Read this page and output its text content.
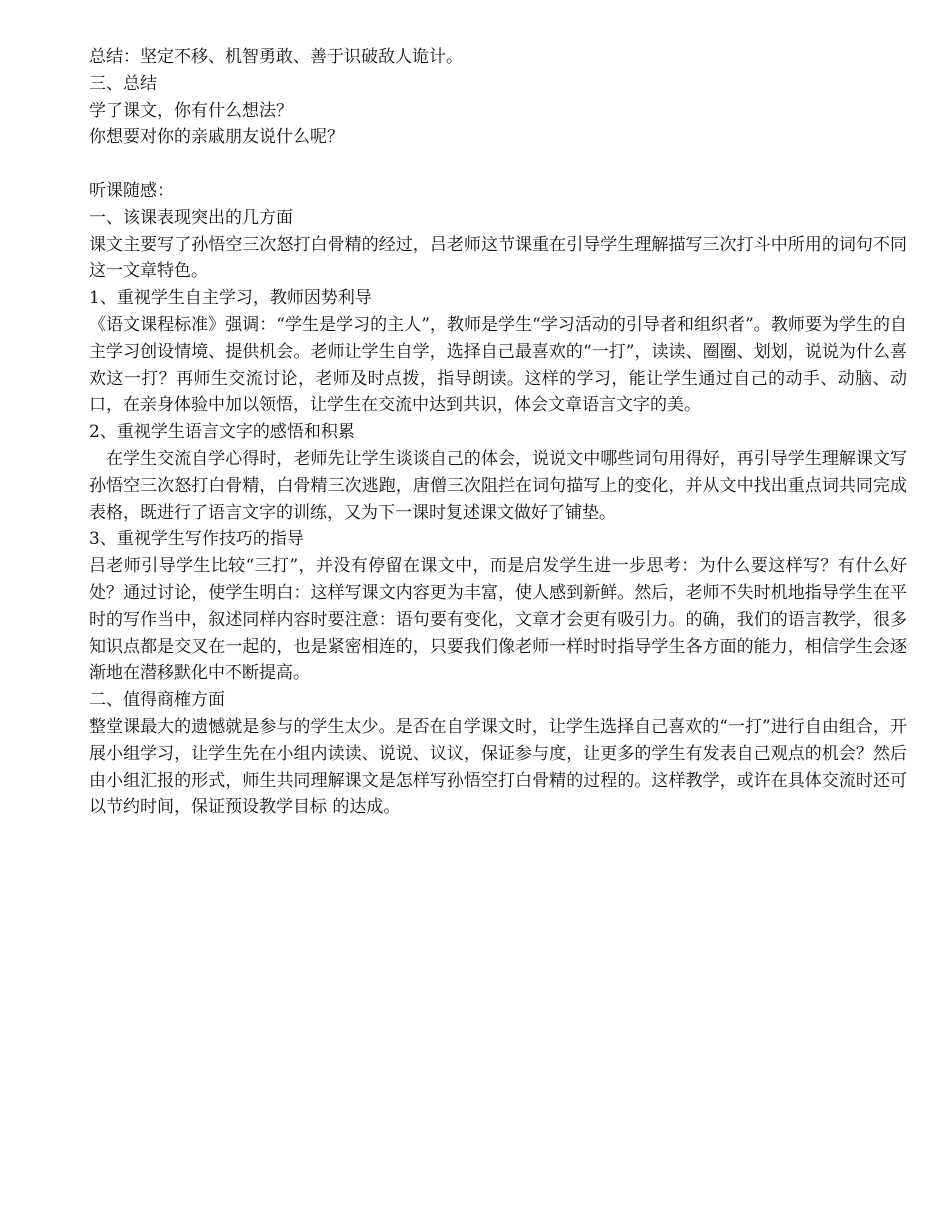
总结：坚定不移、机智勇敢、善于识破敌人诡计。

三、总结

学了课文，你有什么想法？

你想要对你的亲戚朋友说什么呢？

听课随感：

一、该课表现突出的几方面

课文主要写了孙悟空三次怒打白骨精的经过，吕老师这节课重在引导学生理解描写三次打斗中所用的词句不同这一文章特色。

1、重视学生自主学习，教师因势利导

《语文课程标准》强调：“学生是学习的主人”，教师是学生“学习活动的引导者和组织者”。教师要为学生的自主学习创设情境、提供机会。老师让学生自学，选择自己最喜欢的“一打”，读读、圈圈、划划，说说为什么喜欢这一打？再师生交流讨论，老师及时点拨，指导朗读。这样的学习，能让学生通过自己的动手、动脑、动口，在亲身体验中加以领悟，让学生在交流中达到共识，体会文章语言文字的美。

2、重视学生语言文字的感悟和积累

在学生交流自学心得时，老师先让学生谈谈自己的体会，说说文中哪些词句用得好，再引导学生理解课文写孙悟空三次怒打白骨精，白骨精三次逃跑，唐僧三次阻拦在词句描写上的变化，并从文中找出重点词共同完成表格，既进行了语言文字的训练，又为下一课时复述课文做好了铺垫。

3、重视学生写作技巧的指导

吕老师引导学生比较“三打”，并没有停留在课文中，而是启发学生进一步思考：为什么要这样写？有什么好处？通过讨论，使学生明白：这样写课文内容更为丰富，使人感到新鲜。然后，老师不失时机地指导学生在平时的写作当中，叙述同样内容时要注意：语句要有变化，文章才会更有吸引力。的确，我们的语言教学，很多知识点都是交叉在一起的，也是紧密相连的，只要我们像老师一样时时指导学生各方面的能力，相信学生会逐渐地在潜移默化中不断提高。

二、值得商榷方面

整堂课最大的遗憾就是参与的学生太少。是否在自学课文时，让学生选择自己喜欢的“一打”进行自由组合，开展小组学习，让学生先在小组内读读、说说、议议，保证参与度，让更多的学生有发表自己观点的机会？然后由小组汇报的形式，师生共同理解课文是怎样写孙悟空打白骨精的过程的。这样教学，或许在具体交流时还可以节约时间，保证预设教学目标 的达成。
